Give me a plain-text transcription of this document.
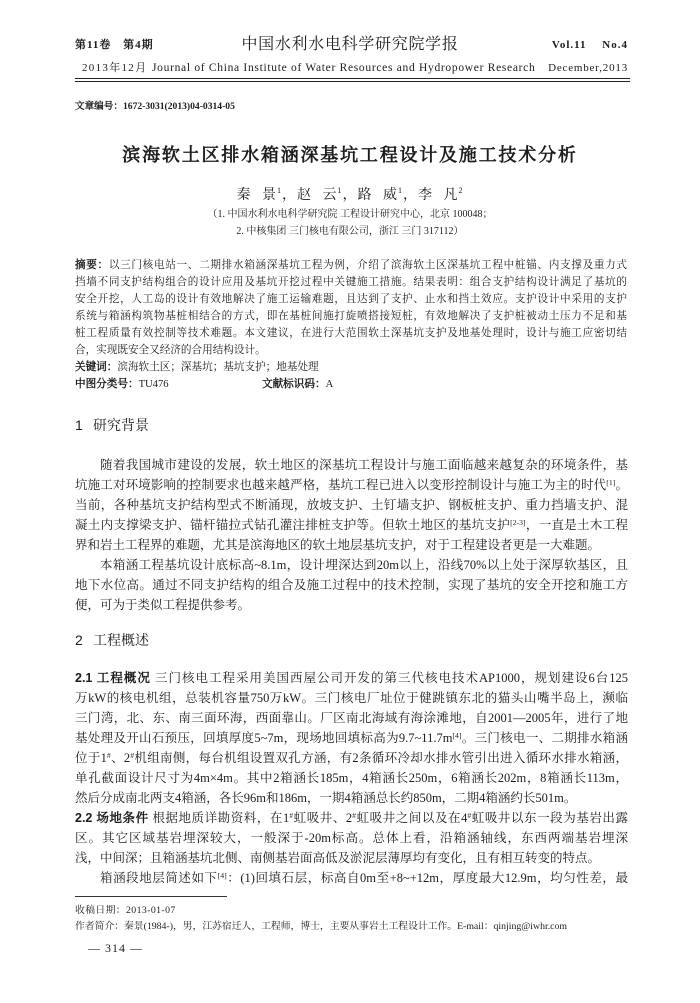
第11卷 第4期	中国水利水电科学研究院学报	Vol.11 No.4
2013年12月 Journal of China Institute of Water Resources and Hydropower Research December,2013
文章编号：1672-3031(2013)04-0314-05
滨海软土区排水箱涵深基坑工程设计及施工技术分析
秦 景$^1$，赵 云$^1$，路 威$^1$，李 凡$^2$
（1. 中国水利水电科学研究院 工程设计研究中心，北京 100048；
2. 中核集团 三门核电有限公司，浙江 三门 317112）
摘要：以三门核电站一、二期排水箱涵深基坑工程为例，介绍了滨海软土区深基坑工程中桩锚、内支撑及重力式
挡墙不同支护结构组合的设计应用及基坑开挖过程中关键施工措施。结果表明：组合支护结构设计满足了基坑的
安全开挖，人工岛的设计有效地解决了施工运输难题，且达到了支护、止水和挡土效应。支护设计中采用的支护
系统与箱涵构筑物基桩相结合的方式，即在基桩间施打旋喷搭接短桩，有效地解决了支护桩被动土压力不足和基
桩工程质量有效控制等技术难题。本文建议，在进行大范围软土深基坑支护及地基处理时，设计与施工应密切结
合，实现既安全又经济的合用结构设计。
关键词：滨海软土区；深基坑；基坑支护；地基处理
中图分类号：TU476	文献标识码：A
1 研究背景
随着我国城市建设的发展，软土地区的深基坑工程设计与施工面临越来越复杂的环境条件，基
坑施工对环境影响的控制要求也越来越严格，基坑工程已进入以变形控制设计与施工为主的时代[1]。
当前，各种基坑支护结构型式不断涌现，放坡支护、土钉墙支护、钢板桩支护、重力挡墙支护、混
凝土内支撑梁支护、锚杆锚拉式钻孔灌注排桩支护等。但软土地区的基坑支护[2-3]，一直是土木工程
界和岩土工程界的难题，尤其是滨海地区的软土地层基坑支护，对于工程建设者更是一大难题。
本箱涵工程基坑设计底标高~8.1m，设计埋深达到20m以上，沿线70%以上处于深厚软基区，且
地下水位高。通过不同支护结构的组合及施工过程中的技术控制，实现了基坑的安全开挖和施工方
便，可为于类似工程提供参考。
2 工程概述
2.1 工程概况 三门核电工程采用美国西屋公司开发的第三代核电技术AP1000，规划建设6台125
万kW的核电机组，总装机容量750万kW。三门核电厂址位于健跳镇东北的猫头山嘴半岛上，濒临
三门湾，北、东、南三面环海，西面靠山。厂区南北海域有海涂滩地，自2001—2005年，进行了地
基处理及开山石预压，回填厚度5~7m，现场地回填标高为9.7~11.7m[4]。三门核电一、二期排水箱涵
位于1#、2#机组南侧，每台机组设置双孔方涵，有2条循环冷却水排水管引出进入循环水排水箱涵，
单孔截面设计尺寸为4m×4m。其中2箱涵长185m，4箱涵长250m，6箱涵长202m，8箱涵长113m，
然后分成南北两支4箱涵，各长96m和186m，一期4箱涵总长约850m，二期4箱涵约长501m。
2.2 场地条件 根据地质详勘资料，在1#虹吸井、2#虹吸井之间以及在4#虹吸井以东一段为基岩出露
区。其它区域基岩埋深较大，一般深于-20m标高。总体上看，沿箱涵轴线，东西两端基岩埋深
浅，中间深；且箱涵基坑北侧、南侧基岩面高低及淤泥层薄厚均有变化，且有相互转变的特点。
箱涵段地层简述如下[4]：(1)回填石层，标高自0m至+8~+12m，厚度最大12.9m，均匀性差，最
收稿日期：2013-01-07
作者简介：秦景(1984-)，男，江苏宿迁人，工程师，博士，主要从事岩土工程设计工作。E-mail：qinjing@iwhr.com
— 314 —
